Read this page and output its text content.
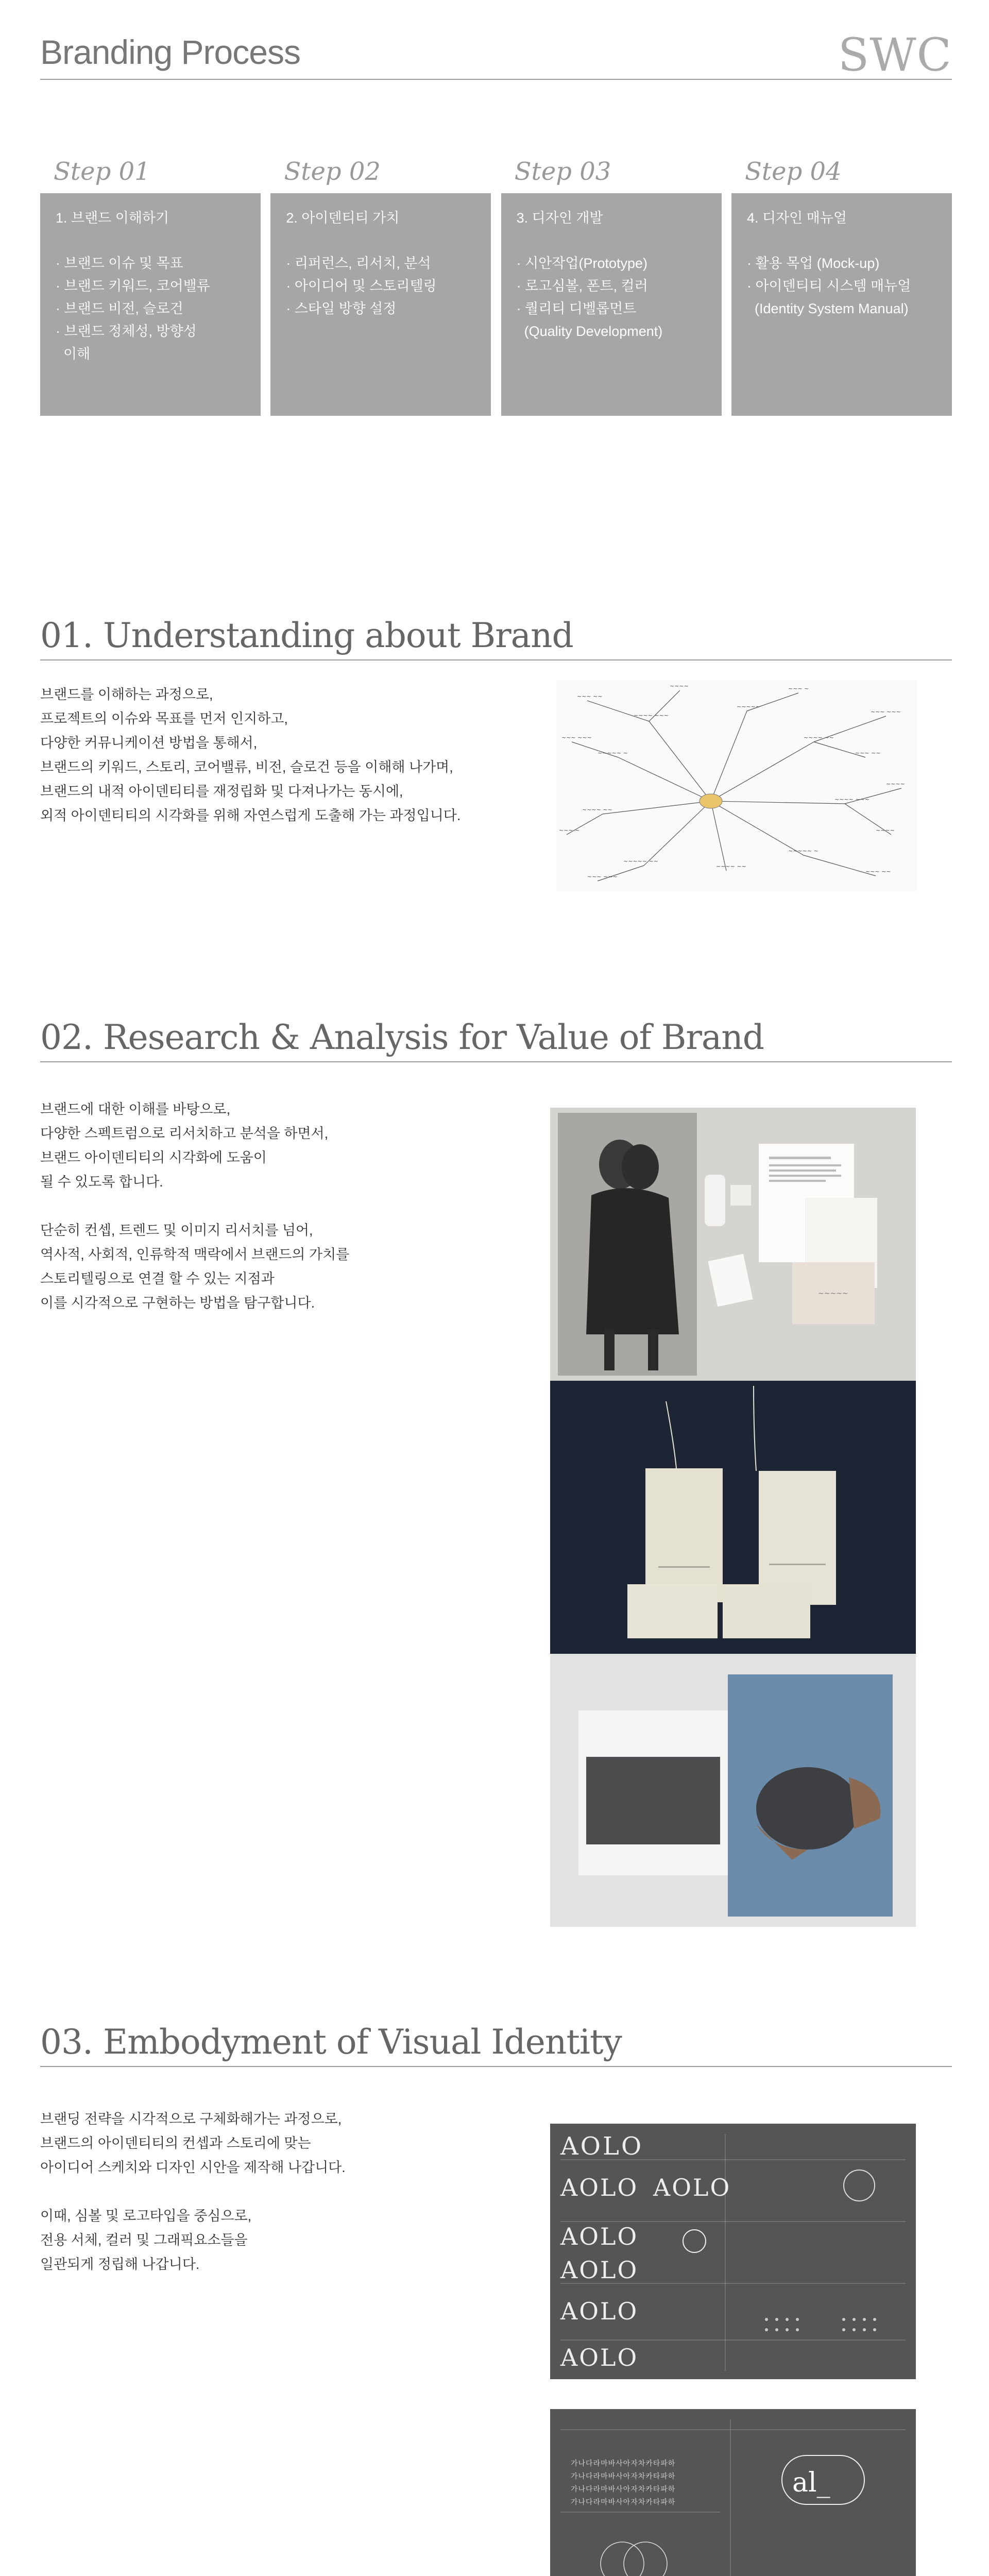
Branding Process	SWC
Step 01
1. 브랜드 이해하기
· 브랜드 이슈 및 목표
· 브랜드 키워드, 코어밸류
· 브랜드 비전, 슬로건
· 브랜드 정체성, 방향성
이해
Step 02
2. 아이덴티티 가치
· 리퍼런스, 리서치, 분석
· 아이디어 및 스토리텔링
· 스타일 방향 설정
Step 03
3. 디자인 개발
· 시안작업(Prototype)
· 로고심볼, 폰트, 컬러
· 퀄리티 디벨롭먼트
(Quality Development)
Step 04
4. 디자인 매뉴얼
· 활용 목업 (Mock-up)
· 아이덴티티 시스템 매뉴얼
(Identity System Manual)
01. Understanding about Brand

브랜드를 이해하는 과정으로,
프로젝트의 이슈와 목표를 먼저 인지하고,
다양한 커뮤니케이션 방법을 통해서,
브랜드의 키워드, 스토리, 코어밸류, 비전, 슬로건 등을 이해해 나가며,
브랜드의 내적 아이덴티티를 재정립화 및 다져나가는 동시에,
외적 아이덴티티의 시각화를 위해 자연스럽게 도출해 가는 과정입니다.

~~~~ ~~~
~~~ ~~
~~~~
~~~~~ ~
~~~ ~~~
~~~~ ~~
~~~ ~
~~~~~ ~~
~~~ ~~~
~~~~ ~~
~~~~~ ~
~~~ ~~
~~~~ ~~~
~~~~
~~~~ ~~
~~~ ~~~
~~~~~
~~~ ~
~~~~
~~~ ~~
02. Research & Analysis for Value of Brand

브랜드에 대한 이해를 바탕으로,
다양한 스펙트럼으로 리서치하고 분석을 하면서,
브랜드 아이덴티티의 시각화에 도움이
될 수 있도록 합니다.

단순히 컨셉, 트렌드 및 이미지 리서치를 넘어,
역사적, 사회적, 인류학적 맥락에서 브랜드의 가치를
스토리텔링으로 연결 할 수 있는 지점과
이를 시각적으로 구현하는 방법을 탐구합니다.

~~~~~
03. Embodyment of Visual Identity

브랜딩 전략을 시각적으로 구체화해가는 과정으로,
브랜드의 아이덴티티의 컨셉과 스토리에 맞는
아이디어 스케치와 디자인 시안을 제작해 나갑니다.

이때, 심볼 및 로고타입을 중심으로,
전용 서체, 컬러 및 그래픽요소들을
일관되게 정립해 나갑니다.

AOLO
AOLO AOLO
AOLO
AOLO
AOLO
AOLO
가나다라마바사아자차카타파하
가나다라마바사아자차카타파하
가나다라마바사아자차카타파하
가나다라마바사아자차카타파하
al_
